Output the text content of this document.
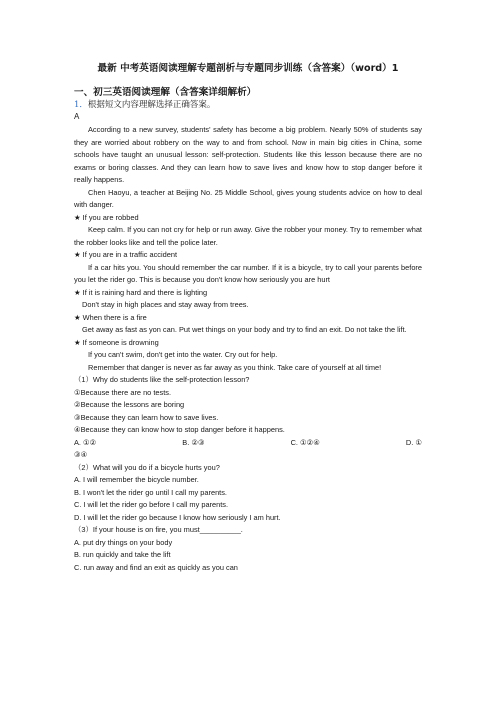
最新 中考英语阅读理解专题剖析与专题同步训练（含答案）（word）1
一、初三英语阅读理解（含答案详细解析）
1．根据短文内容理解选择正确答案。
A

According to a new survey, students' safety has become a big problem. Nearly 50% of students say they are worried about robbery on the way to and from school. Now in main big cities in China, some schools have taught an unusual lesson: self-protection. Students like this lesson because there are no exams or boring classes. And they can learn how to save lives and know how to stop danger before it really happens.

Chen Haoyu, a teacher at Beijing No. 25 Middle School, gives young students advice on how to deal with danger.

★ If you are robbed

Keep calm. If you can not cry for help or run away. Give the robber your money. Try to remember what the robber looks like and tell the police later.

★ If you are in a traffic accident

If a car hits you. You should remember the car number. If it is a bicycle, try to call your parents before you let the rider go. This is because you don't know how seriously you are hurt

★ If it is raining hard and there is lighting

Don't stay in high places and stay away from trees.

★ When there is a fire

Get away as fast as yon can. Put wet things on your body and try to find an exit. Do not take the lift.

★ If someone is drowning

If you can't swim, don't get into the water. Cry out for help.

Remember that danger is never as far away as you think. Take care of yourself at all time!

（1）Why do students like the self-protection lesson?

①Because there are no tests.

②Because the lessons are boring

③Because they can learn how to save lives.

④Because they can know how to stop danger before it happens.

A. ①②	B. ②③	C. ①②④	D. ①

③④

（2）What will you do if a bicycle hurts you?

A. I will remember the bicycle number.

B. I won't let the rider go until I call my parents.

C. I will let the rider go before I call my parents.

D. I will let the rider go because I know how seriously I am hurt.

（3）If your house is on fire, you must__________.

A. put dry things on your body

B. run quickly and take the lift

C. run away and find an exit as quickly as you can
